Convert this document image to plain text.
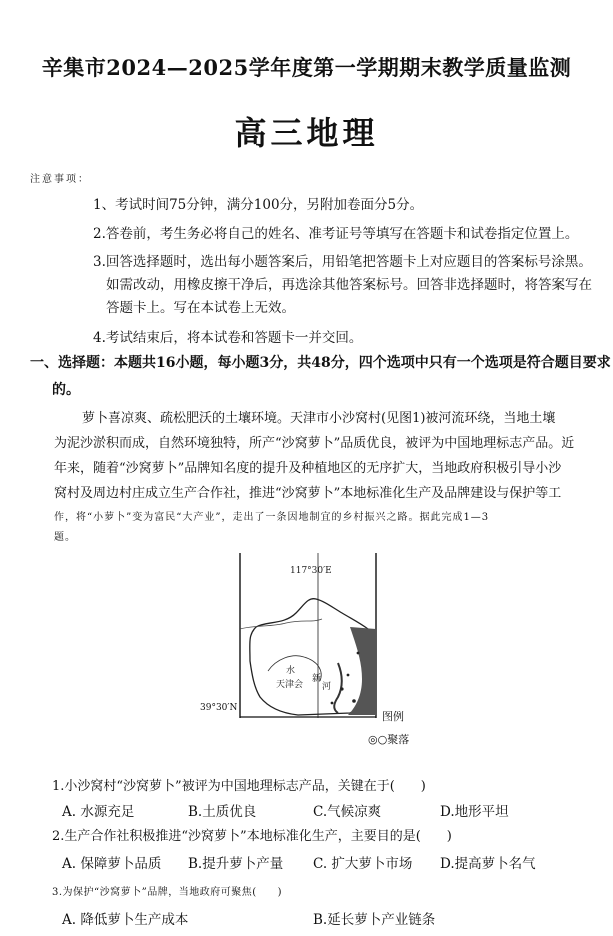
辛集市2024—2025学年度第一学期期末教学质量监测
高三地理
注意事项：
1、考试时间75分钟，满分100分，另附加卷面分5分。
2.答卷前，考生务必将自己的姓名、准考证号等填写在答题卡和试卷指定位置上。
3.回答选择题时，选出每小题答案后，用铅笔把答题卡上对应题目的答案标号涂黑。
如需改动，用橡皮擦干净后，再选涂其他答案标号。回答非选择题时，将答案写在
答题卡上。写在本试卷上无效。
4.考试结束后，将本试卷和答题卡一并交回。
一、选择题：本题共16小题，每小题3分，共48分，四个选项中只有一个选项是符合题目要求
的。
萝卜喜凉爽、疏松肥沃的土壤环境。天津市小沙窝村(见图1)被河流环绕，当地土壤
为泥沙淤积而成，自然环境独特，所产“沙窝萝卜”品质优良，被评为中国地理标志产品。近
年来，随着“沙窝萝卜”品牌知名度的提升及种植地区的无序扩大，当地政府积极引导小沙
窝村及周边村庄成立生产合作社，推进“沙窝萝卜”本地标准化生产及品牌建设与保护等工
作，将“小萝卜”变为富民“大产业”，走出了一条因地制宜的乡村振兴之路。据此完成1—3
题。
117°30′E
水
天津会
新
河
39°30′N
图例
◎○聚落
1.小沙窝村“沙窝萝卜”被评为中国地理标志产品，关键在于(　　)
A. 水源充足	B.土质优良	C.气候凉爽	D.地形平坦
2.生产合作社积极推进“沙窝萝卜”本地标准化生产，主要目的是(　　)
A. 保障萝卜品质 B.提升萝卜产量 C. 扩大萝卜市场 D.提高萝卜名气
3.为保护“沙窝萝卜”品牌，当地政府可聚焦(　　)
A. 降低萝卜生产成本	B.延长萝卜产业链条
